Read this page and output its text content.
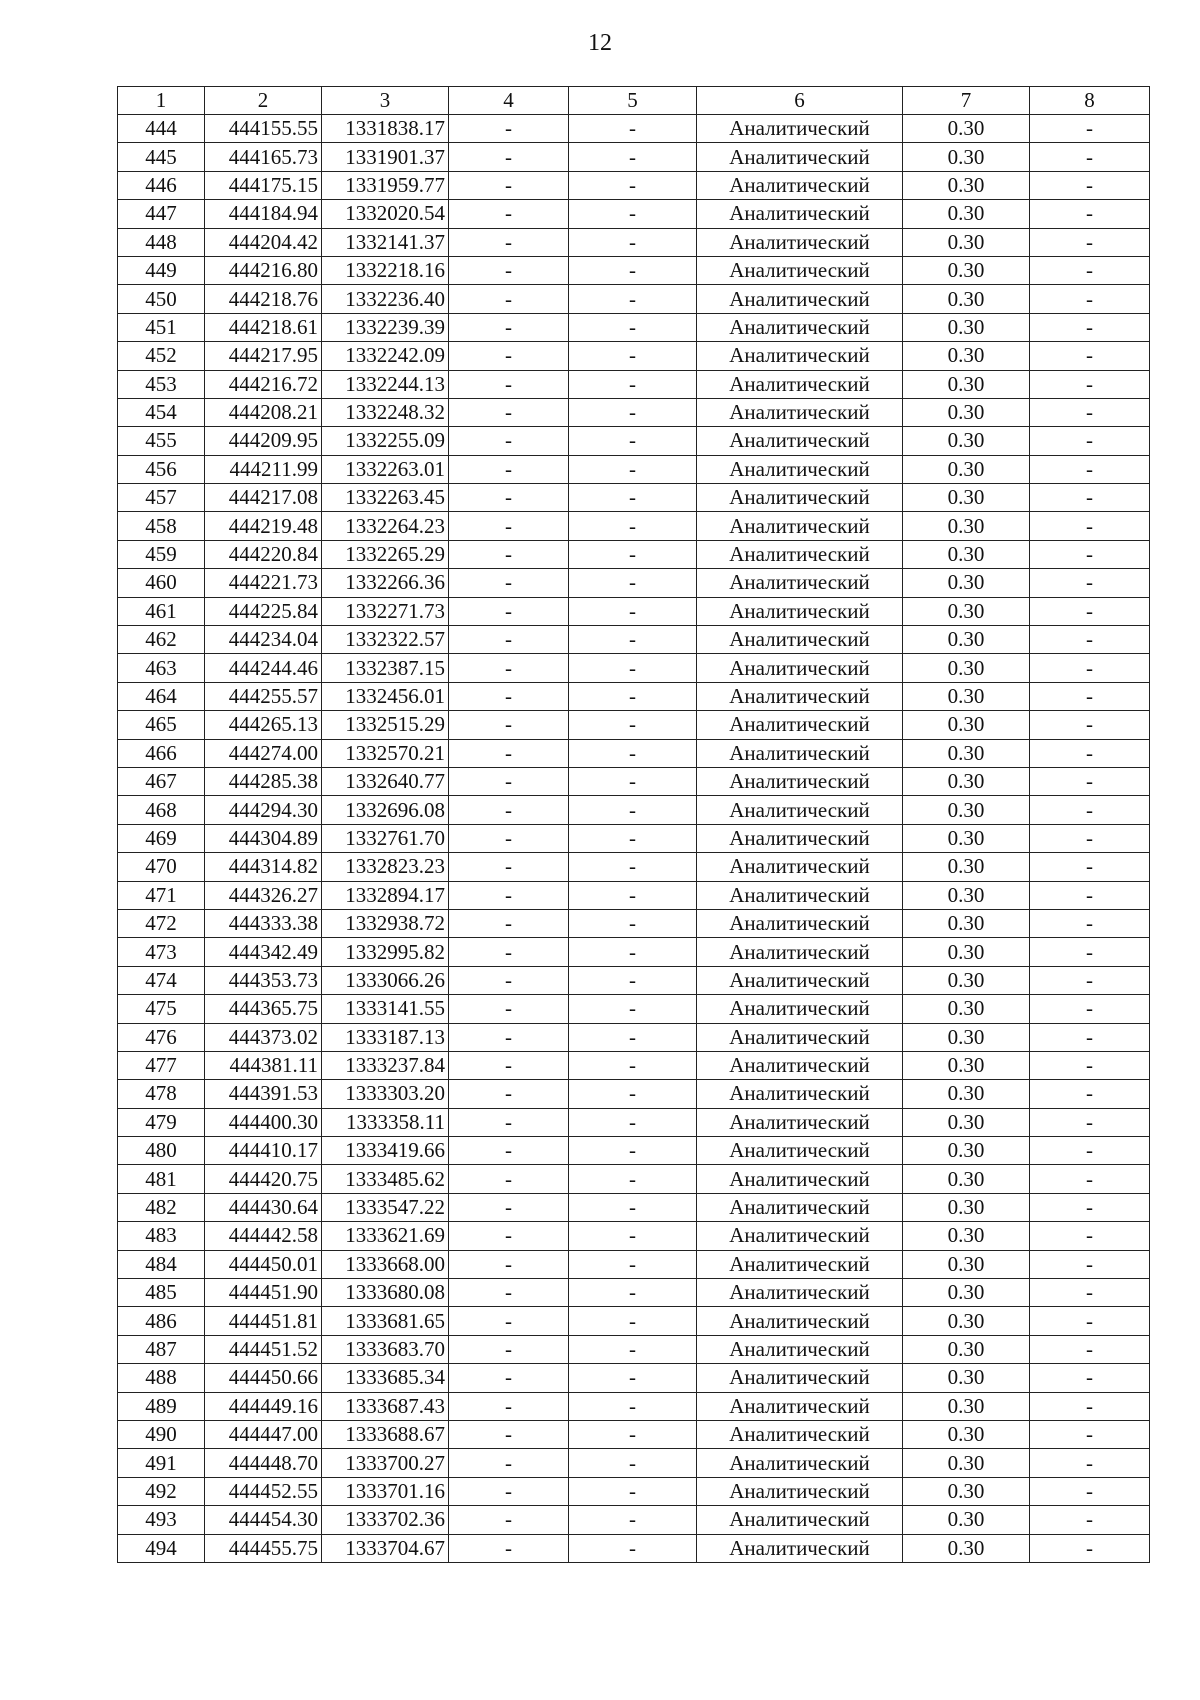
12
1	2	3	4	5	6	7	8
444	444155.55	1331838.17	-	-	Аналитический	0.30	-
445	444165.73	1331901.37	-	-	Аналитический	0.30	-
446	444175.15	1331959.77	-	-	Аналитический	0.30	-
447	444184.94	1332020.54	-	-	Аналитический	0.30	-
448	444204.42	1332141.37	-	-	Аналитический	0.30	-
449	444216.80	1332218.16	-	-	Аналитический	0.30	-
450	444218.76	1332236.40	-	-	Аналитический	0.30	-
451	444218.61	1332239.39	-	-	Аналитический	0.30	-
452	444217.95	1332242.09	-	-	Аналитический	0.30	-
453	444216.72	1332244.13	-	-	Аналитический	0.30	-
454	444208.21	1332248.32	-	-	Аналитический	0.30	-
455	444209.95	1332255.09	-	-	Аналитический	0.30	-
456	444211.99	1332263.01	-	-	Аналитический	0.30	-
457	444217.08	1332263.45	-	-	Аналитический	0.30	-
458	444219.48	1332264.23	-	-	Аналитический	0.30	-
459	444220.84	1332265.29	-	-	Аналитический	0.30	-
460	444221.73	1332266.36	-	-	Аналитический	0.30	-
461	444225.84	1332271.73	-	-	Аналитический	0.30	-
462	444234.04	1332322.57	-	-	Аналитический	0.30	-
463	444244.46	1332387.15	-	-	Аналитический	0.30	-
464	444255.57	1332456.01	-	-	Аналитический	0.30	-
465	444265.13	1332515.29	-	-	Аналитический	0.30	-
466	444274.00	1332570.21	-	-	Аналитический	0.30	-
467	444285.38	1332640.77	-	-	Аналитический	0.30	-
468	444294.30	1332696.08	-	-	Аналитический	0.30	-
469	444304.89	1332761.70	-	-	Аналитический	0.30	-
470	444314.82	1332823.23	-	-	Аналитический	0.30	-
471	444326.27	1332894.17	-	-	Аналитический	0.30	-
472	444333.38	1332938.72	-	-	Аналитический	0.30	-
473	444342.49	1332995.82	-	-	Аналитический	0.30	-
474	444353.73	1333066.26	-	-	Аналитический	0.30	-
475	444365.75	1333141.55	-	-	Аналитический	0.30	-
476	444373.02	1333187.13	-	-	Аналитический	0.30	-
477	444381.11	1333237.84	-	-	Аналитический	0.30	-
478	444391.53	1333303.20	-	-	Аналитический	0.30	-
479	444400.30	1333358.11	-	-	Аналитический	0.30	-
480	444410.17	1333419.66	-	-	Аналитический	0.30	-
481	444420.75	1333485.62	-	-	Аналитический	0.30	-
482	444430.64	1333547.22	-	-	Аналитический	0.30	-
483	444442.58	1333621.69	-	-	Аналитический	0.30	-
484	444450.01	1333668.00	-	-	Аналитический	0.30	-
485	444451.90	1333680.08	-	-	Аналитический	0.30	-
486	444451.81	1333681.65	-	-	Аналитический	0.30	-
487	444451.52	1333683.70	-	-	Аналитический	0.30	-
488	444450.66	1333685.34	-	-	Аналитический	0.30	-
489	444449.16	1333687.43	-	-	Аналитический	0.30	-
490	444447.00	1333688.67	-	-	Аналитический	0.30	-
491	444448.70	1333700.27	-	-	Аналитический	0.30	-
492	444452.55	1333701.16	-	-	Аналитический	0.30	-
493	444454.30	1333702.36	-	-	Аналитический	0.30	-
494	444455.75	1333704.67	-	-	Аналитический	0.30	-
